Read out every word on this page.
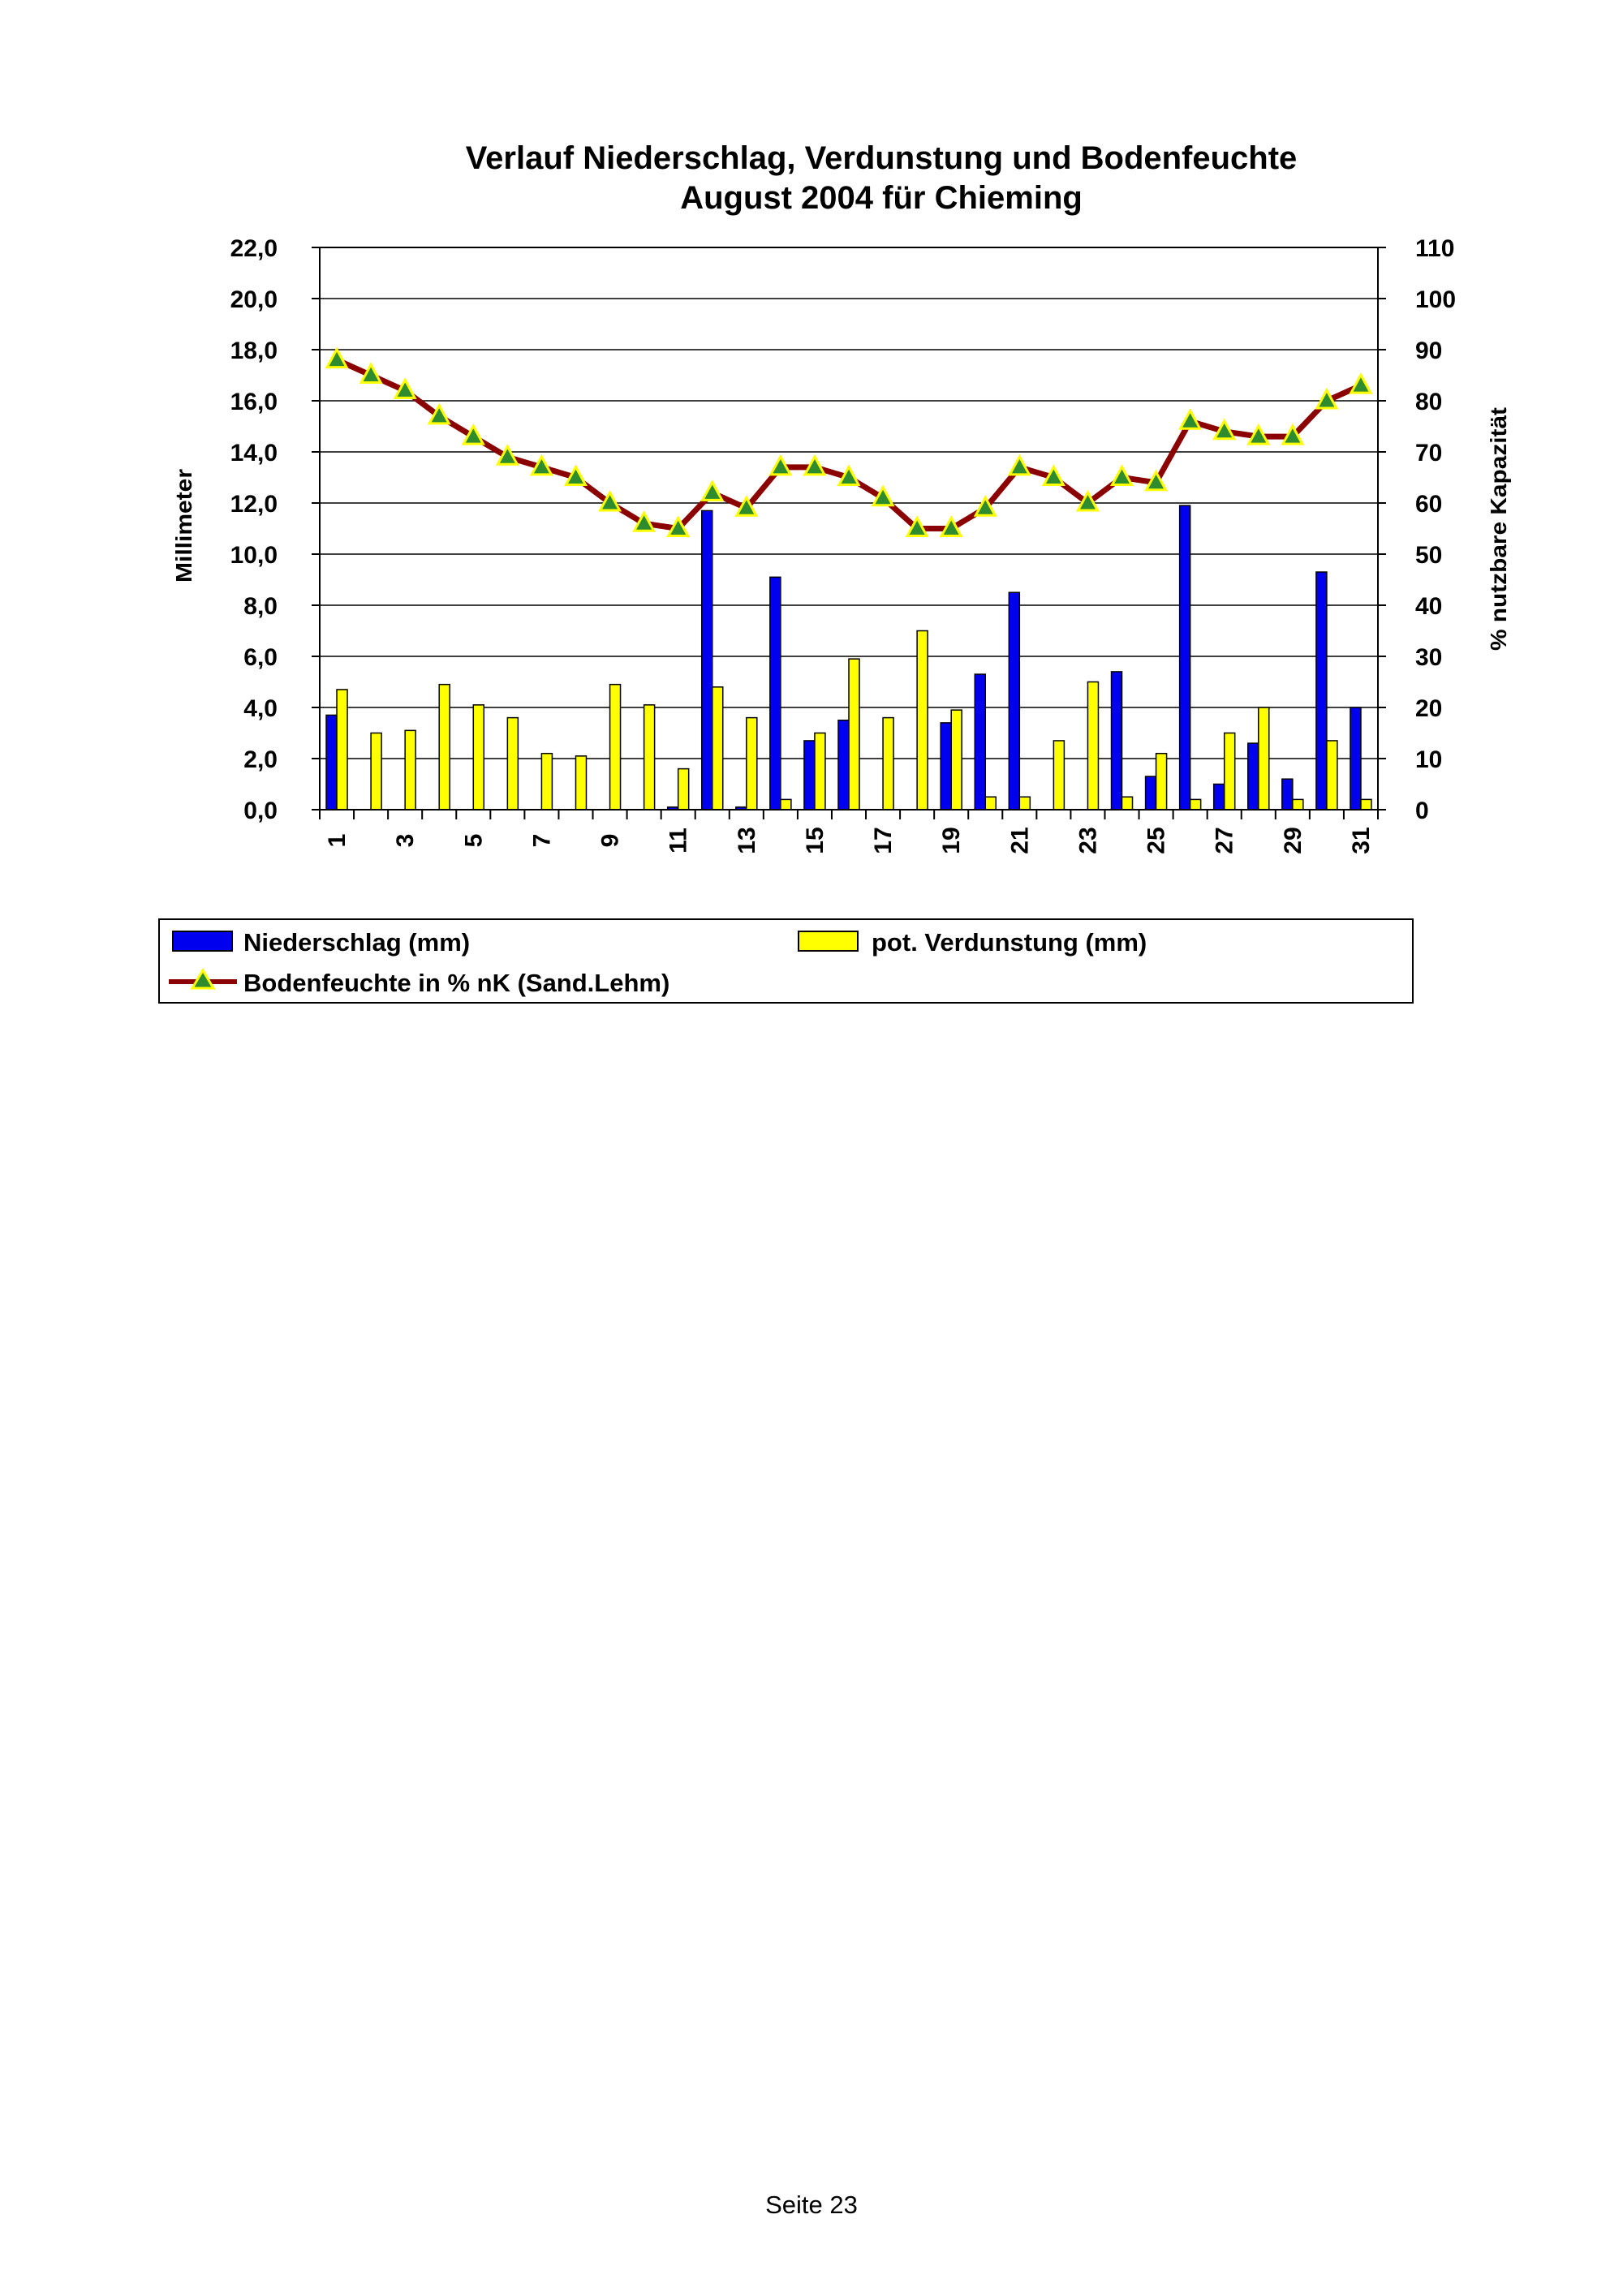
Verlauf Niederschlag, Verdunstung und Bodenfeuchte
August 2004 für Chieming
22,0	110
20,0	100
18,0	90
16,0	80
14,0	70
12,0	60
10,0	50
8,0	40
6,0	30
4,0	20
2,0	10
0,0	0
1 3 5 7 9 11 13 15 17 19 21 23 25 27 29 31
Millimeter	% nutzbare Kapazität
Niederschlag (mm)	pot. Verdunstung (mm)
Bodenfeuchte in % nK (Sand.Lehm)
Seite 23
